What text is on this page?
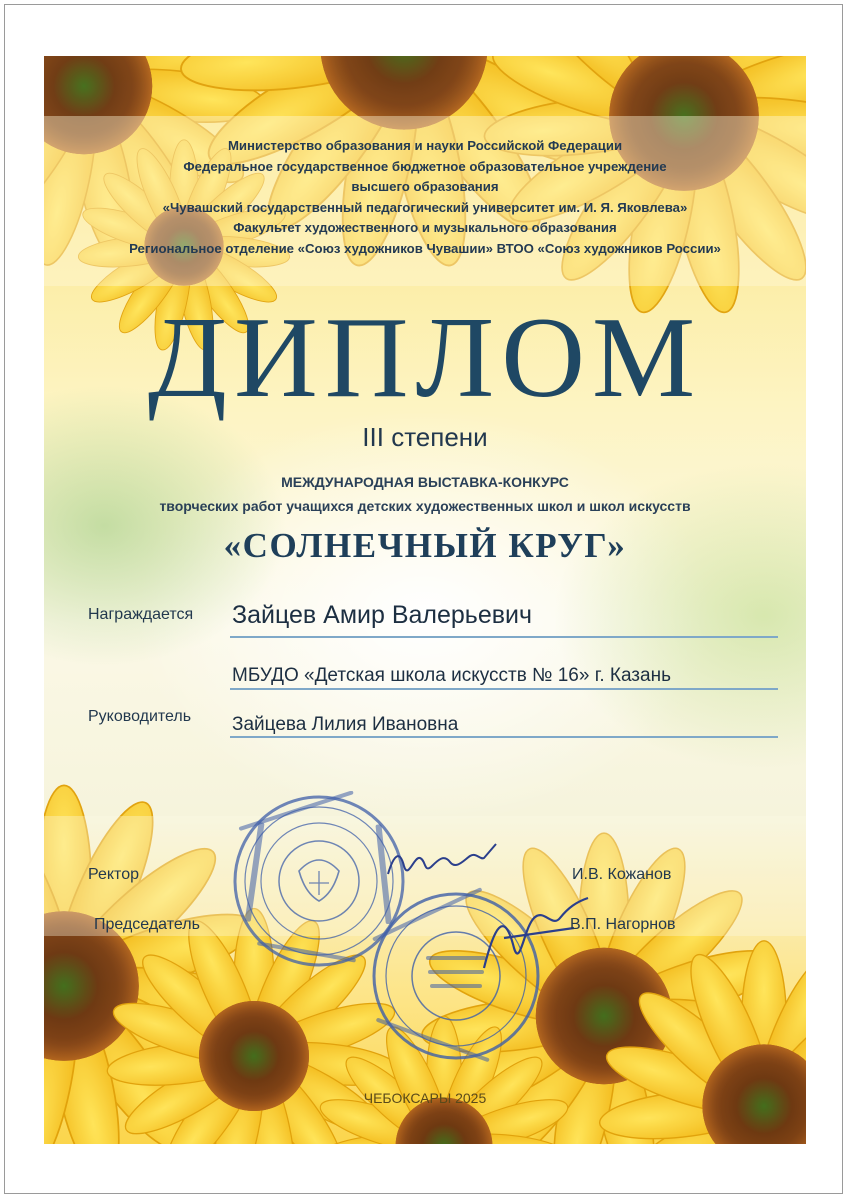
Министерство образования и науки Российской Федерации
Федеральное государственное бюджетное образовательное учреждение
высшего образования
«Чувашский государственный педагогический университет им. И. Я. Яковлева»
Факультет художественного и музыкального образования
Региональное отделение «Союз художников Чувашии» ВТОО «Союз художников России»
ДИПЛОМ
III степени
МЕЖДУНАРОДНАЯ ВЫСТАВКА-КОНКУРС
творческих работ учащихся детских художественных школ и школ искусств
«СОЛНЕЧНЫЙ КРУГ»
Награждается Зайцев Амир Валерьевич
МБУДО «Детская школа искусств № 16» г. Казань
Руководитель Зайцева Лилия Ивановна
Ректор	И.В. Кожанов
Председатель	В.П. Нагорнов
ЧЕБОКСАРЫ 2025
